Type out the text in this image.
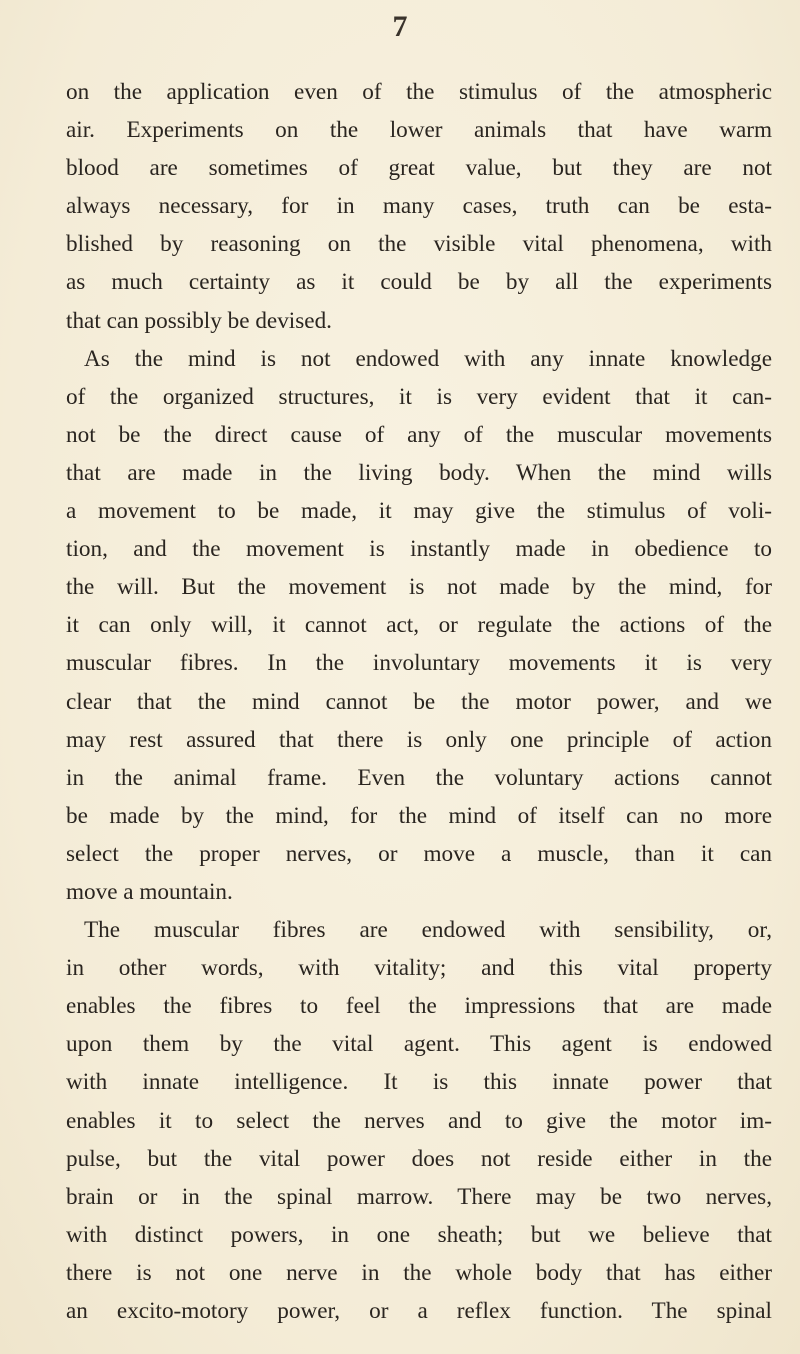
7
on the application even of the stimulus of the atmospheric
air. Experiments on the lower animals that have warm
blood are sometimes of great value, but they are not
always necessary, for in many cases, truth can be esta-
blished by reasoning on the visible vital phenomena, with
as much certainty as it could be by all the experiments
that can possibly be devised.
As the mind is not endowed with any innate knowledge
of the organized structures, it is very evident that it can-
not be the direct cause of any of the muscular movements
that are made in the living body. When the mind wills
a movement to be made, it may give the stimulus of voli-
tion, and the movement is instantly made in obedience to
the will. But the movement is not made by the mind, for
it can only will, it cannot act, or regulate the actions of the
muscular fibres. In the involuntary movements it is very
clear that the mind cannot be the motor power, and we
may rest assured that there is only one principle of action
in the animal frame. Even the voluntary actions cannot
be made by the mind, for the mind of itself can no more
select the proper nerves, or move a muscle, than it can
move a mountain.
The muscular fibres are endowed with sensibility, or,
in other words, with vitality; and this vital property
enables the fibres to feel the impressions that are made
upon them by the vital agent. This agent is endowed
with innate intelligence. It is this innate power that
enables it to select the nerves and to give the motor im-
pulse, but the vital power does not reside either in the
brain or in the spinal marrow. There may be two nerves,
with distinct powers, in one sheath; but we believe that
there is not one nerve in the whole body that has either
an excito-motory power, or a reflex function. The spinal
